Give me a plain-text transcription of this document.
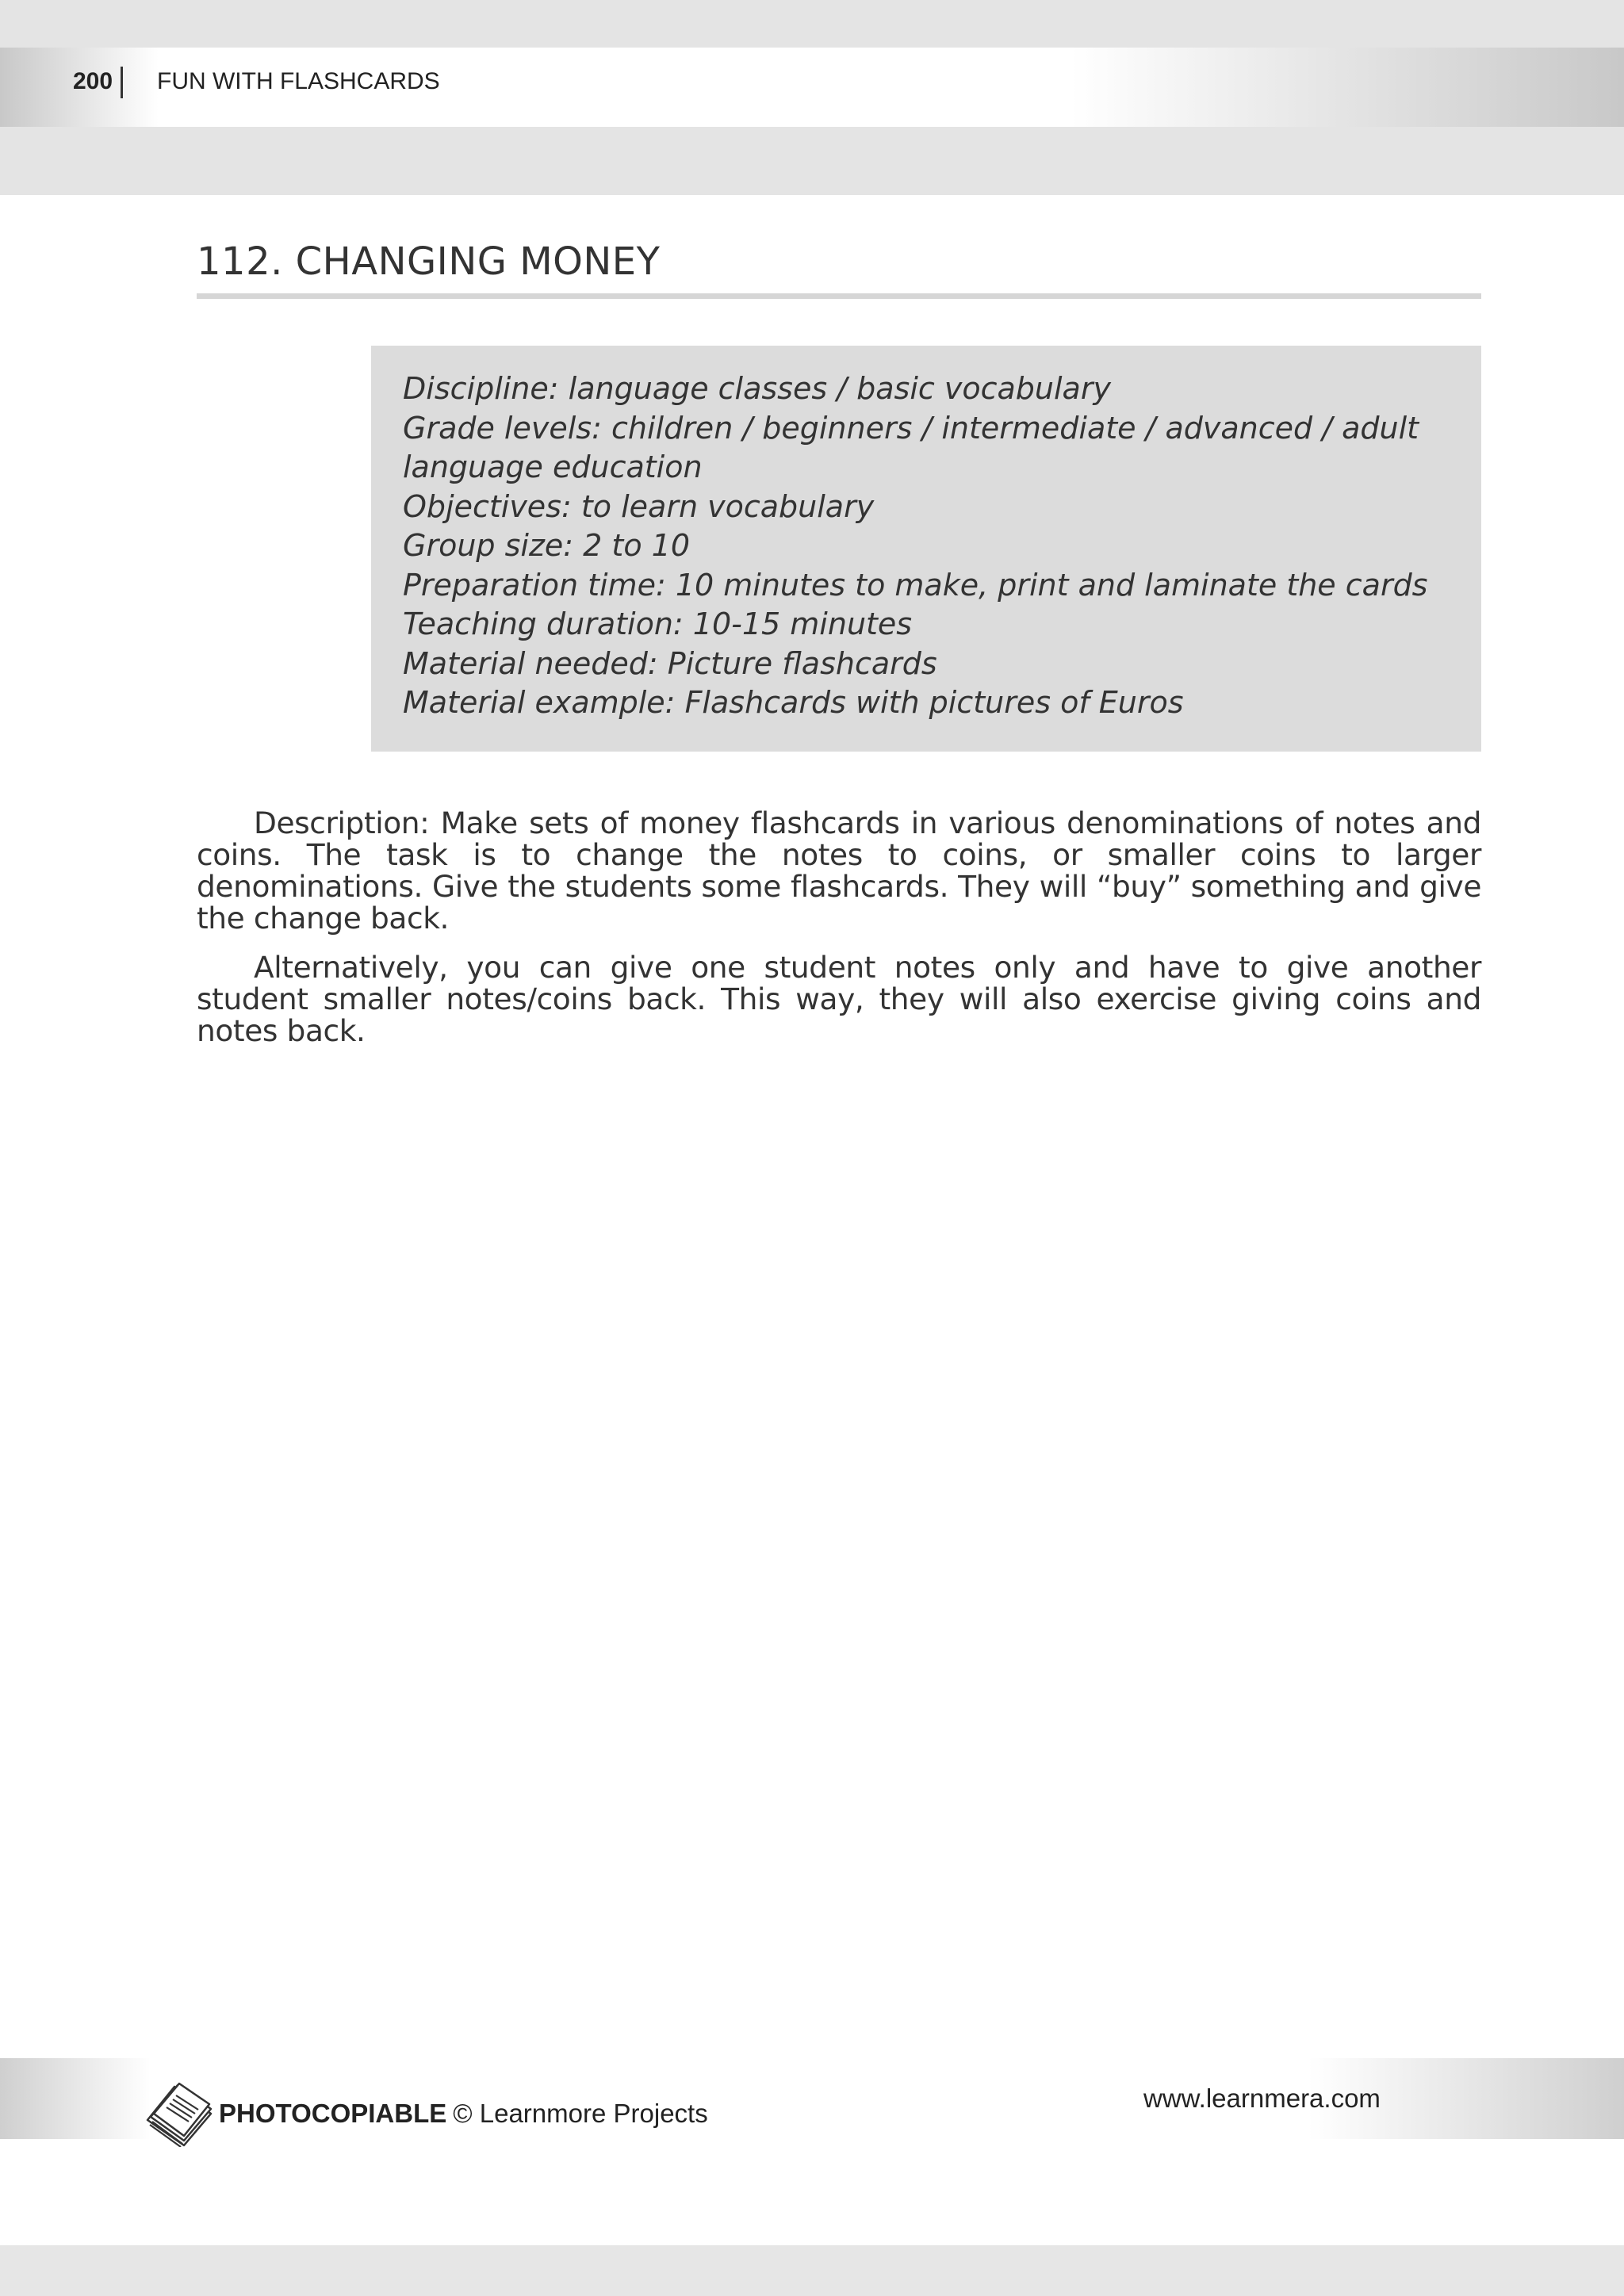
200 FUN WITH FLASHCARDS
112. CHANGING MONEY
Discipline: language classes / basic vocabulary
Grade levels: children / beginners / intermediate / advanced / adult
language education
Objectives: to learn vocabulary
Group size: 2 to 10
Preparation time: 10 minutes to make, print and laminate the cards
Teaching duration: 10-15 minutes
Material needed: Picture flashcards
Material example: Flashcards with pictures of Euros

Description: Make sets of money flashcards in various denominations of notes and coins. The task is to change the notes to coins, or smaller coins to larger denominations. Give the students some flashcards. They will “buy” something and give the change back.

Alternatively, you can give one student notes only and have to give another student smaller notes/coins back. This way, they will also exercise giving coins and notes back.

PHOTOCOPIABLE © Learnmore Projects
www.learnmera.com
